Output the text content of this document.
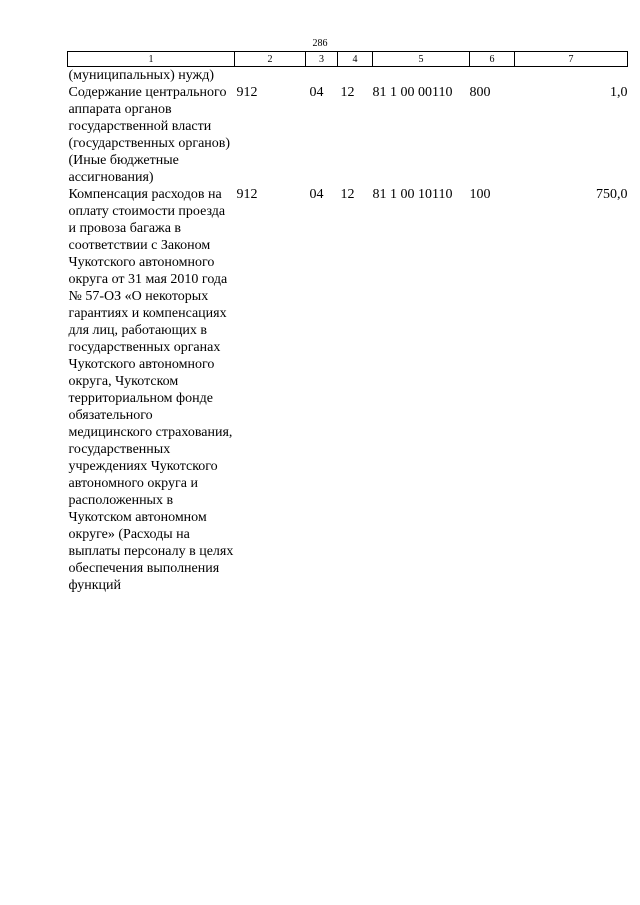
286
1	2	3	4	5	6	7
(муниципальных) нужд)						
Содержание центрального аппарата органов государственной власти (государственных органов) (Иные бюджетные ассигнования)	912	04	12	81 1 00 00110	800	1,0
Компенсация расходов на оплату стоимости проезда и провоза багажа в соответствии с Законом Чукотского автономного округа от 31 мая 2010 года № 57-ОЗ «О некоторых гарантиях и компенсациях для лиц, работающих в государственных органах Чукотского автономного округа, Чукотском территориальном фонде обязательного медицинского страхования, государственных учреждениях Чукотского автономного округа и расположенных в Чукотском автономном округе» (Расходы на выплаты персоналу в целях обеспечения выполнения функций	912	04	12	81 1 00 10110	100	750,0
